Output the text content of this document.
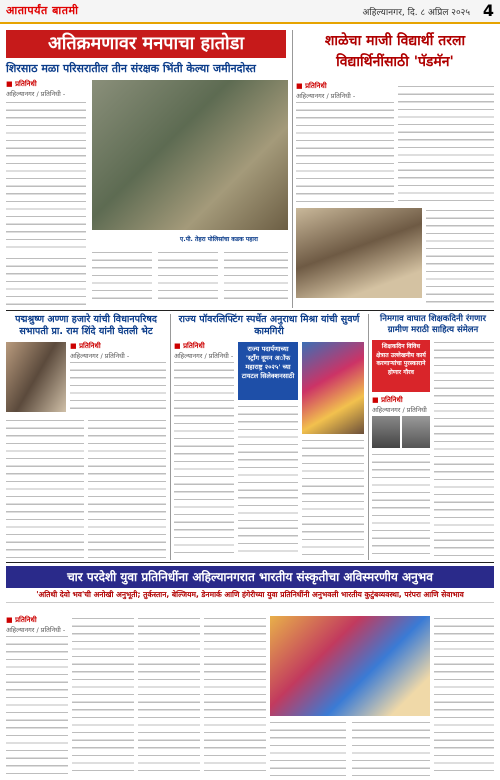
आतापर्यंत बातमी	अहिल्यानगर, दि. ८ अप्रिल २०२५ 4
अतिक्रमणावर मनपाचा हातोडा
शिरसाठ मळा परिसरातील तीन संरक्षक भिंती केल्या जमीनदोस्त
■ प्रतिनिधी
अहिल्यानगर / प्रतिनिधी -
ए.पी. तेहरा पोलिसांचा कडक पहारा
शाळेचा माजी विद्यार्थी तरला
विद्यार्थिनींसाठी 'पॅडमॅन'
■ प्रतिनिधी
अहिल्यानगर / प्रतिनिधी -
पद्मश्रुष्ण अण्णा हजारे यांची विधानपरिषद सभापती प्रा. राम शिंदे यांनी घेतली भेट
■ प्रतिनिधी
अहिल्यानगर / प्रतिनिधी -
राज्य पॉवरलिफ्टिंग स्पर्धेत अनुराधा मिश्रा यांची सुवर्ण कामगिरी
■ प्रतिनिधी
अहिल्यानगर / प्रतिनिधी -
राज्य पदार्पणाच्या 'स्ट्रॉंग वूमन अॉफ महाराष्ट्र २०२५' च्या टायटल सिलेक्शनसाठी
निमगाव वाघात शिक्षकदिनी रंगणार ग्रामीण मराठी साहित्य संमेलन
शिक्षकदिन विविध क्षेत्रात उल्लेखनीय कार्य करणाऱ्यांचा पुरस्काराने होणार गौरव
■ प्रतिनिधी
अहिल्यानगर / प्रतिनिधी
चार परदेशी युवा प्रतिनिधींना अहिल्यानगरात भारतीय संस्कृतीचा अविस्मरणीय अनुभव
'अतिथी देवो भव'ची अनोखी अनुभूती; तुर्कस्तान, बेल्जियम, डेनमार्क आणि हंगेरीच्या युवा प्रतिनिधींनी अनुभवली भारतीय कुटुंबव्यवस्था, परंपरा आणि सेवाभाव
■ प्रतिनिधी
अहिल्यानगर / प्रतिनिधी -
